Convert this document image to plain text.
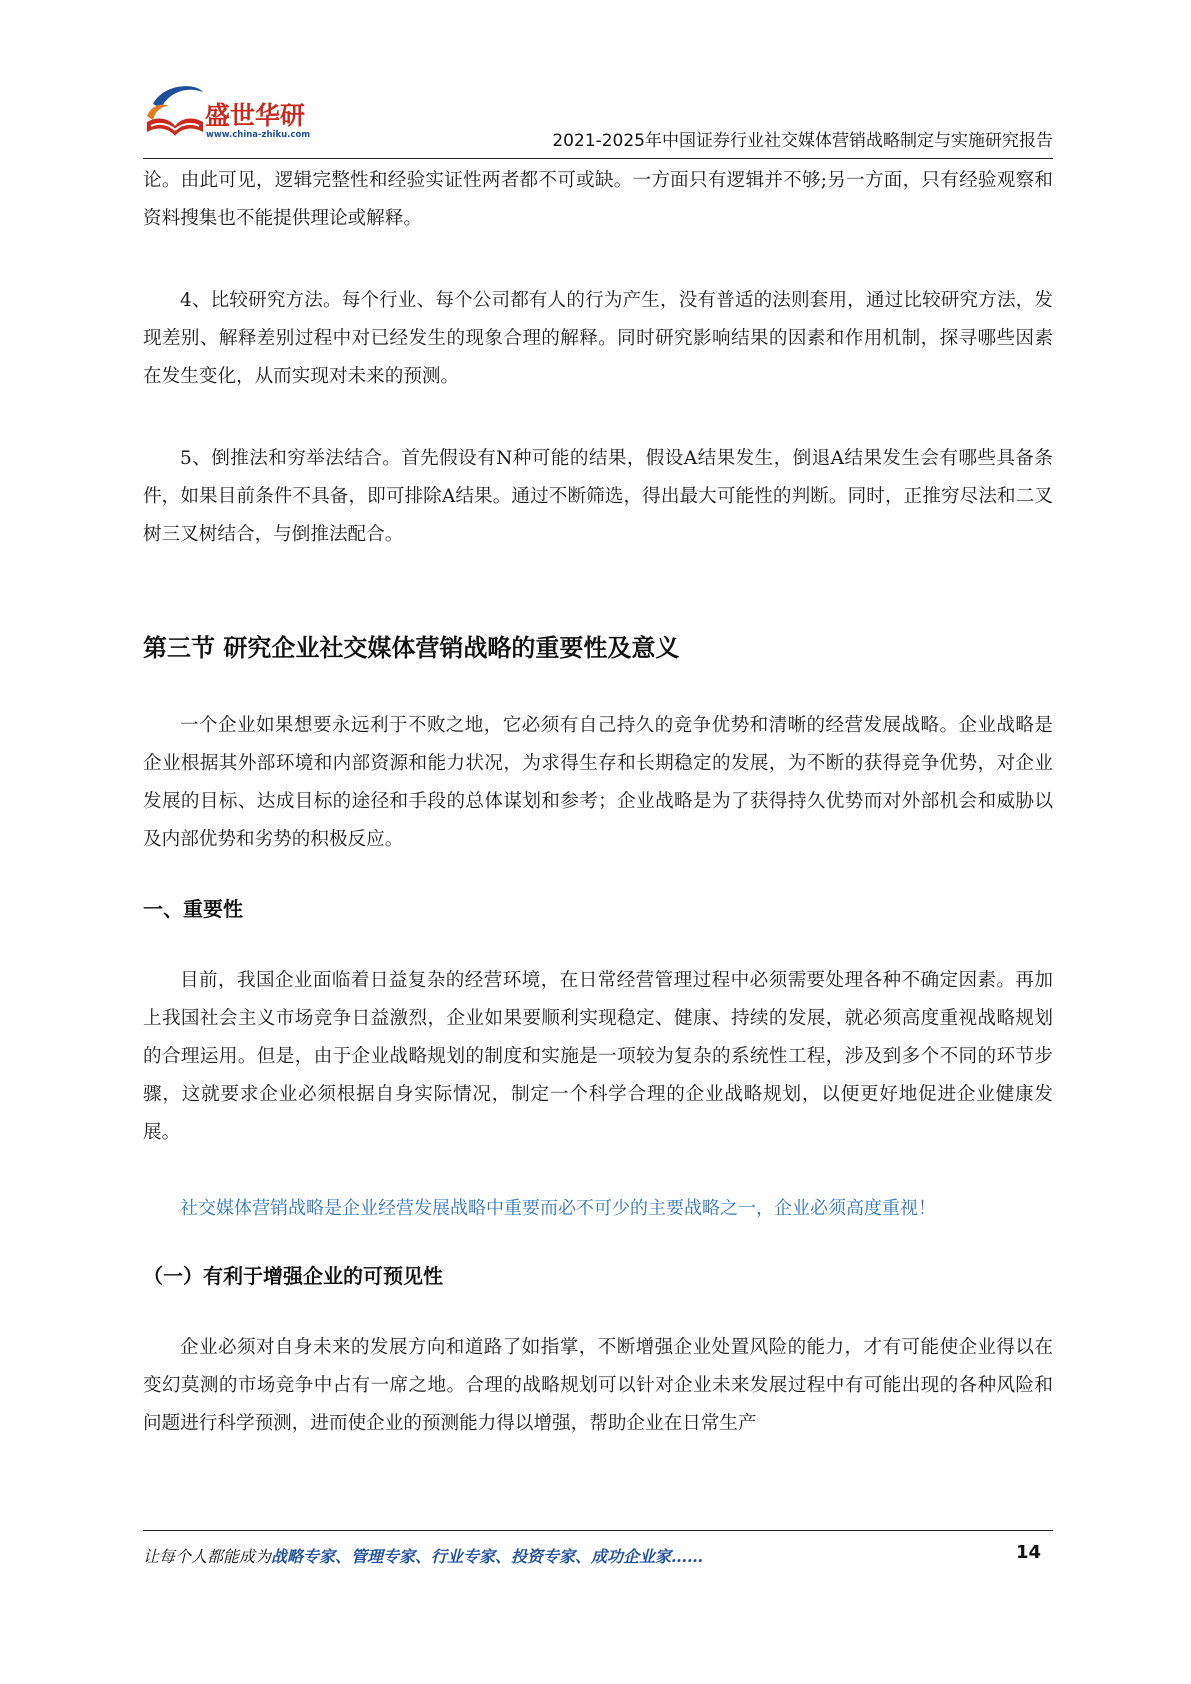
盛世华研
www.china-zhiku.com	2021-2025年中国证券行业社交媒体营销战略制定与实施研究报告

论。由此可见，逻辑完整性和经验实证性两者都不可或缺。一方面只有逻辑并不够;另一方面，只有经验观察和资料搜集也不能提供理论或解释。

4、比较研究方法。每个行业、每个公司都有人的行为产生，没有普适的法则套用，通过比较研究方法，发现差别、解释差别过程中对已经发生的现象合理的解释。同时研究影响结果的因素和作用机制，探寻哪些因素在发生变化，从而实现对未来的预测。

5、倒推法和穷举法结合。首先假设有N种可能的结果，假设A结果发生，倒退A结果发生会有哪些具备条件，如果目前条件不具备，即可排除A结果。通过不断筛选，得出最大可能性的判断。同时，正推穷尽法和二叉树三叉树结合，与倒推法配合。

第三节 研究企业社交媒体营销战略的重要性及意义

一个企业如果想要永远利于不败之地，它必须有自己持久的竞争优势和清晰的经营发展战略。企业战略是企业根据其外部环境和内部资源和能力状况，为求得生存和长期稳定的发展，为不断的获得竞争优势，对企业发展的目标、达成目标的途径和手段的总体谋划和参考；企业战略是为了获得持久优势而对外部机会和威胁以及内部优势和劣势的积极反应。

一、重要性

目前，我国企业面临着日益复杂的经营环境，在日常经营管理过程中必须需要处理各种不确定因素。再加上我国社会主义市场竞争日益激烈，企业如果要顺利实现稳定、健康、持续的发展，就必须高度重视战略规划的合理运用。但是，由于企业战略规划的制度和实施是一项较为复杂的系统性工程，涉及到多个不同的环节步骤，这就要求企业必须根据自身实际情况，制定一个科学合理的企业战略规划，以便更好地促进企业健康发展。

社交媒体营销战略是企业经营发展战略中重要而必不可少的主要战略之一，企业必须高度重视！

（一）有利于增强企业的可预见性

企业必须对自身未来的发展方向和道路了如指掌，不断增强企业处置风险的能力，才有可能使企业得以在变幻莫测的市场竞争中占有一席之地。合理的战略规划可以针对企业未来发展过程中有可能出现的各种风险和问题进行科学预测，进而使企业的预测能力得以增强，帮助企业在日常生产

让每个人都能成为战略专家、管理专家、行业专家、投资专家、成功企业家……	14
